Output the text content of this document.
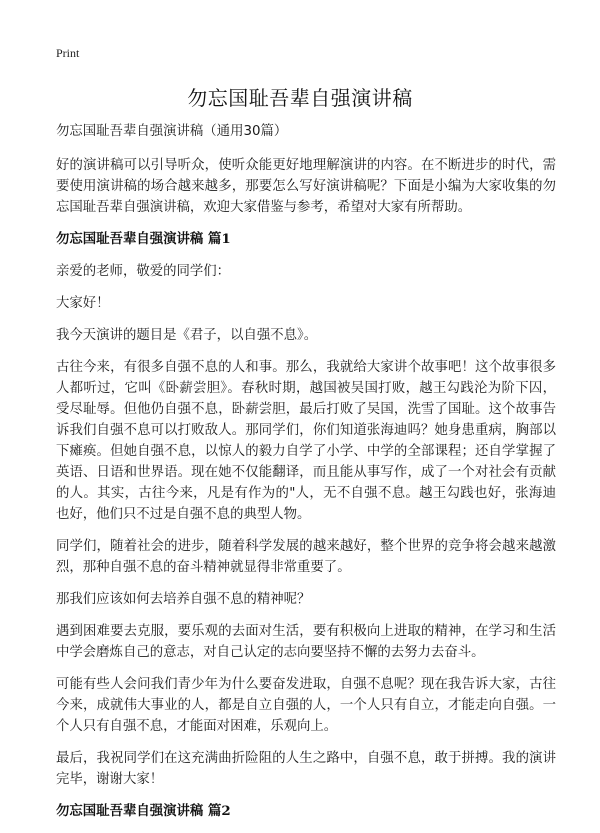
Print
勿忘国耻吾辈自强演讲稿

勿忘国耻吾辈自强演讲稿（通用30篇）

好的演讲稿可以引导听众，使听众能更好地理解演讲的内容。在不断进步的时代，需要使用演讲稿的场合越来越多，那要怎么写好演讲稿呢？下面是小编为大家收集的勿忘国耻吾辈自强演讲稿，欢迎大家借鉴与参考，希望对大家有所帮助。

勿忘国耻吾辈自强演讲稿 篇1

亲爱的老师，敬爱的同学们：

大家好！

我今天演讲的题目是《君子，以自强不息》。

古往今来，有很多自强不息的人和事。那么，我就给大家讲个故事吧！这个故事很多人都听过，它叫《卧薪尝胆》。春秋时期，越国被吴国打败，越王勾践沦为阶下囚，受尽耻辱。但他仍自强不息，卧薪尝胆，最后打败了吴国，洗雪了国耻。这个故事告诉我们自强不息可以打败敌人。那同学们，你们知道张海迪吗？她身患重病，胸部以下瘫痪。但她自强不息，以惊人的毅力自学了小学、中学的全部课程；还自学掌握了英语、日语和世界语。现在她不仅能翻译，而且能从事写作，成了一个对社会有贡献的人。其实，古往今来，凡是有作为的"人，无不自强不息。越王勾践也好，张海迪也好，他们只不过是自强不息的典型人物。

同学们，随着社会的进步，随着科学发展的越来越好，整个世界的竞争将会越来越激烈，那种自强不息的奋斗精神就显得非常重要了。

那我们应该如何去培养自强不息的精神呢？

遇到困难要去克服，要乐观的去面对生活，要有积极向上进取的精神，在学习和生活中学会磨炼自己的意志，对自己认定的志向要坚持不懈的去努力去奋斗。

可能有些人会问我们青少年为什么要奋发进取，自强不息呢？现在我告诉大家，古往今来，成就伟大事业的人，都是自立自强的人，一个人只有自立，才能走向自强。一个人只有自强不息，才能面对困难，乐观向上。

最后，我祝同学们在这充满曲折险阻的人生之路中，自强不息，敢于拼搏。我的演讲完毕，谢谢大家！

勿忘国耻吾辈自强演讲稿 篇2
